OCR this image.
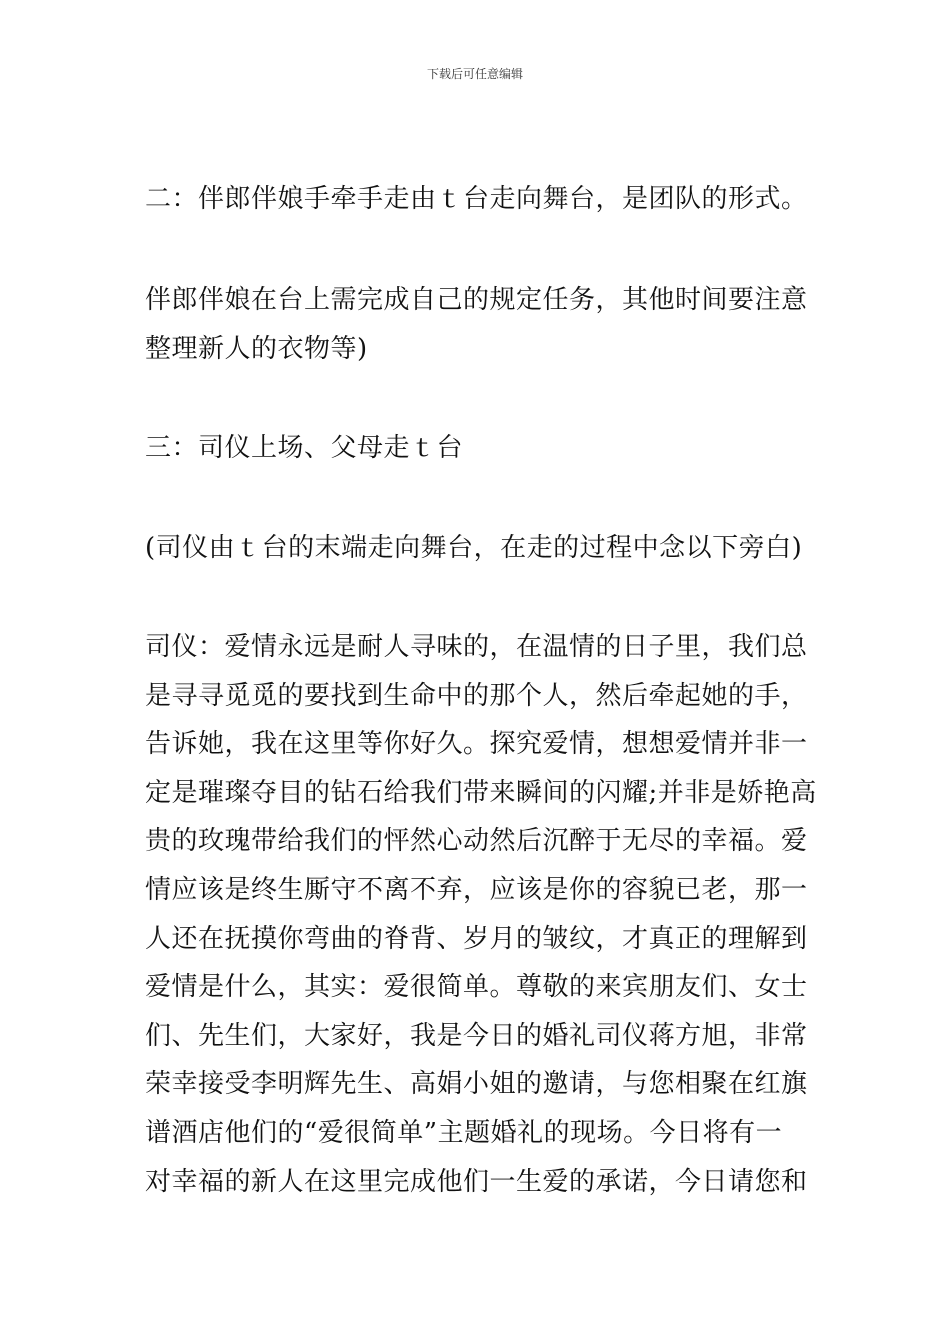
下载后可任意编辑
二：伴郎伴娘手牵手走由ｔ台走向舞台，是团队的形式。
伴郎伴娘在台上需完成自己的规定任务，其他时间要注意
整理新人的衣物等)
三：司仪上场、父母走ｔ台
(司仪由ｔ台的末端走向舞台，在走的过程中念以下旁白)
司仪：爱情永远是耐人寻味的，在温情的日子里，我们总
是寻寻觅觅的要找到生命中的那个人，然后牵起她的手，
告诉她，我在这里等你好久。探究爱情，想想爱情并非一
定是璀璨夺目的钻石给我们带来瞬间的闪耀;并非是娇艳高
贵的玫瑰带给我们的怦然心动然后沉醉于无尽的幸福。爱
情应该是终生厮守不离不弃，应该是你的容貌已老，那一
人还在抚摸你弯曲的脊背、岁月的皱纹，才真正的理解到
爱情是什么，其实：爱很简单。尊敬的来宾朋友们、女士
们、先生们，大家好，我是今日的婚礼司仪蒋方旭，非常
荣幸接受李明辉先生、高娟小姐的邀请，与您相聚在红旗
谱酒店他们的“爱很简单”主题婚礼的现场。今日将有一
对幸福的新人在这里完成他们一生爱的承诺，今日请您和
